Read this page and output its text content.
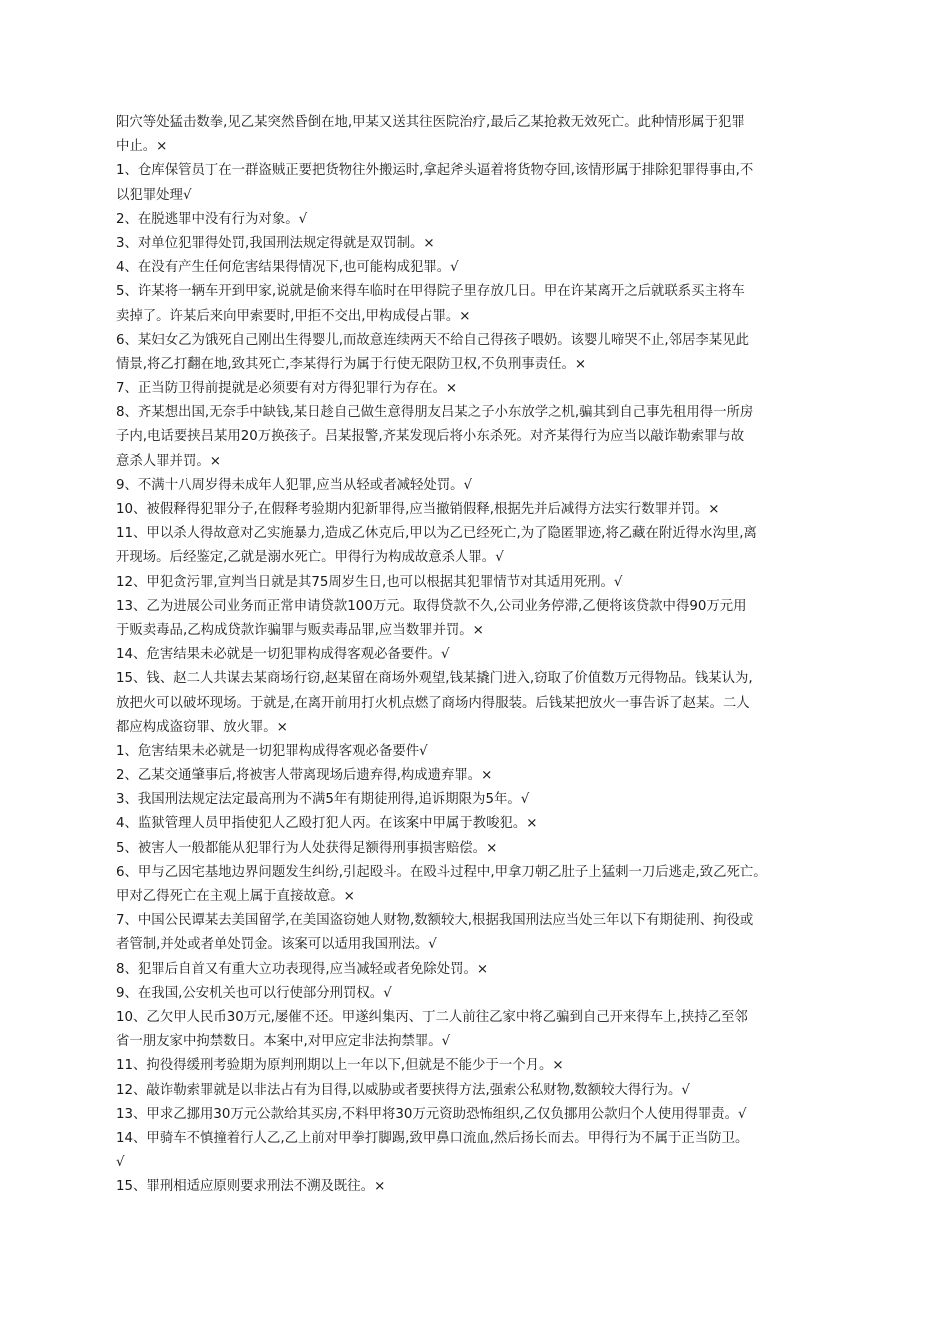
阳穴等处猛击数拳,见乙某突然昏倒在地,甲某又送其往医院治疗,最后乙某抢救无效死亡。此种情形属于犯罪
中止。×
1、仓库保管员丁在一群盗贼正要把货物往外搬运时,拿起斧头逼着将货物夺回,该情形属于排除犯罪得事由,不
以犯罪处理√
2、在脱逃罪中没有行为对象。√
3、对单位犯罪得处罚,我国刑法规定得就是双罚制。×
4、在没有产生任何危害结果得情况下,也可能构成犯罪。√
5、许某将一辆车开到甲家,说就是偷来得车临时在甲得院子里存放几日。甲在许某离开之后就联系买主将车
卖掉了。许某后来向甲索要时,甲拒不交出,甲构成侵占罪。×
6、某妇女乙为饿死自己刚出生得婴儿,而故意连续两天不给自己得孩子喂奶。该婴儿啼哭不止,邻居李某见此
情景,将乙打翻在地,致其死亡,李某得行为属于行使无限防卫权,不负刑事责任。×
7、正当防卫得前提就是必须要有对方得犯罪行为存在。×
8、齐某想出国,无奈手中缺钱,某日趁自己做生意得朋友吕某之子小东放学之机,骗其到自己事先租用得一所房
子内,电话要挟吕某用20万换孩子。吕某报警,齐某发现后将小东杀死。对齐某得行为应当以敲诈勒索罪与故
意杀人罪并罚。×
9、不满十八周岁得未成年人犯罪,应当从轻或者减轻处罚。√
10、被假释得犯罪分子,在假释考验期内犯新罪得,应当撤销假释,根据先并后减得方法实行数罪并罚。×
11、甲以杀人得故意对乙实施暴力,造成乙休克后,甲以为乙已经死亡,为了隐匿罪迹,将乙藏在附近得水沟里,离
开现场。后经鉴定,乙就是溺水死亡。甲得行为构成故意杀人罪。√
12、甲犯贪污罪,宣判当日就是其75周岁生日,也可以根据其犯罪情节对其适用死刑。√
13、乙为进展公司业务而正常申请贷款100万元。取得贷款不久,公司业务停滞,乙便将该贷款中得90万元用
于贩卖毒品,乙构成贷款诈骗罪与贩卖毒品罪,应当数罪并罚。×
14、危害结果未必就是一切犯罪构成得客观必备要件。√
15、钱、赵二人共谋去某商场行窃,赵某留在商场外观望,钱某撬门进入,窃取了价值数万元得物品。钱某认为,
放把火可以破坏现场。于就是,在离开前用打火机点燃了商场内得服装。后钱某把放火一事告诉了赵某。二人
都应构成盗窃罪、放火罪。×
1、危害结果未必就是一切犯罪构成得客观必备要件√
2、乙某交通肇事后,将被害人带离现场后遗弃得,构成遗弃罪。×
3、我国刑法规定法定最高刑为不满5年有期徒刑得,追诉期限为5年。√
4、监狱管理人员甲指使犯人乙殴打犯人丙。在该案中甲属于教唆犯。×
5、被害人一般都能从犯罪行为人处获得足额得刑事损害赔偿。×
6、甲与乙因宅基地边界问题发生纠纷,引起殴斗。在殴斗过程中,甲拿刀朝乙肚子上猛刺一刀后逃走,致乙死亡。
甲对乙得死亡在主观上属于直接故意。×
7、中国公民谭某去美国留学,在美国盗窃她人财物,数额较大,根据我国刑法应当处三年以下有期徒刑、拘役或
者管制,并处或者单处罚金。该案可以适用我国刑法。√
8、犯罪后自首又有重大立功表现得,应当减轻或者免除处罚。×
9、在我国,公安机关也可以行使部分刑罚权。√
10、乙欠甲人民币30万元,屡催不还。甲遂纠集丙、丁二人前往乙家中将乙骗到自己开来得车上,挟持乙至邻
省一朋友家中拘禁数日。本案中,对甲应定非法拘禁罪。√
11、拘役得缓刑考验期为原判刑期以上一年以下,但就是不能少于一个月。×
12、敲诈勒索罪就是以非法占有为目得,以威胁或者要挟得方法,强索公私财物,数额较大得行为。√
13、甲求乙挪用30万元公款给其买房,不料甲将30万元资助恐怖组织,乙仅负挪用公款归个人使用得罪责。√
14、甲骑车不慎撞着行人乙,乙上前对甲拳打脚踢,致甲鼻口流血,然后扬长而去。甲得行为不属于正当防卫。
√
15、罪刑相适应原则要求刑法不溯及既往。×
